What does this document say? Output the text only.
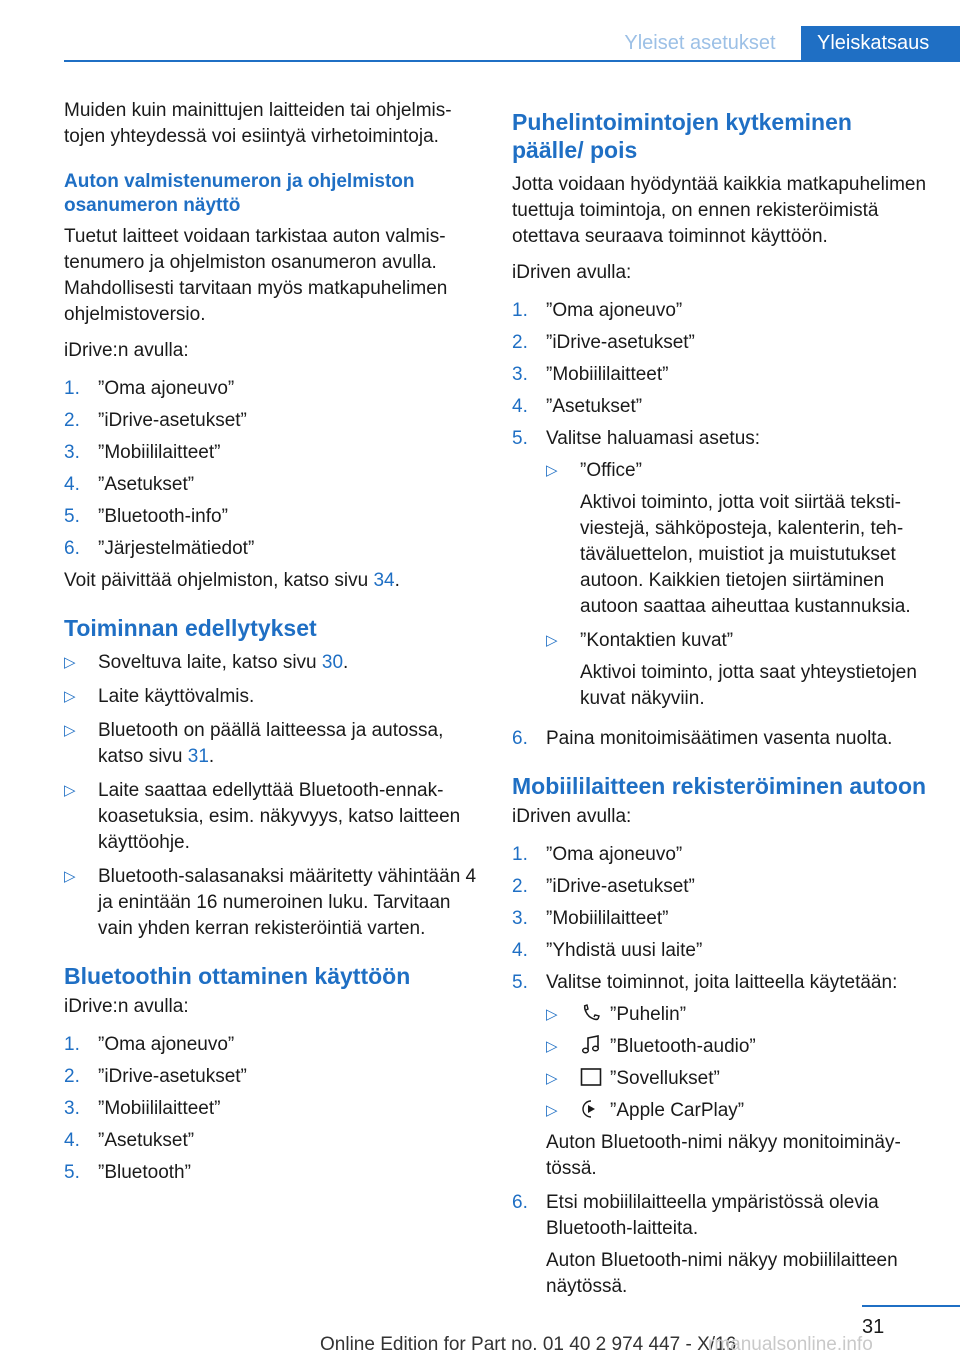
Yleiset asetukset	Yleiskatsaus

Muiden kuin mainittujen laitteiden tai ohjelmistojen yhteydessä voi esiintyä virhetoimintoja.

Auton valmistenumeron ja ohjelmiston osanumeron näyttö

Tuetut laitteet voidaan tarkistaa auton valmistenumero ja ohjelmiston osanumeron avulla. Mahdollisesti tarvitaan myös matkapuhelimen ohjelmistoversio.

iDrive:n avulla:

1. ”Oma ajoneuvo”
2. ”iDrive-asetukset”
3. ”Mobiililaitteet”
4. ”Asetukset”
5. ”Bluetooth-info”
6. ”Järjestelmätiedot”

Voit päivittää ohjelmiston, katso sivu 34.

Toiminnan edellytykset
▷	Soveltuva laite, katso sivu 30.
▷	Laite käyttövalmis.
▷	Bluetooth on päällä laitteessa ja autossa, katso sivu 31.
▷	Laite saattaa edellyttää Bluetooth-ennakkoasetuksia, esim. näkyvyys, katso laitteen käyttöohje.
▷	Bluetooth-salasanaksi määritetty vähintään 4 ja enintään 16 numeroinen luku. Tarvitaan vain yhden kerran rekisteröintiä varten.
Bluetoothin ottaminen käyttöön

iDrive:n avulla:

1. ”Oma ajoneuvo”
2. ”iDrive-asetukset”
3. ”Mobiililaitteet”
4. ”Asetukset”
5. ”Bluetooth”
Puhelintoimintojen kytkeminen päälle/ pois

Jotta voidaan hyödyntää kaikkia matkapuhelimen tuettuja toimintoja, on ennen rekisteröimistä otettava seuraava toiminnot käyttöön.

iDriven avulla:

1. ”Oma ajoneuvo”
2. ”iDrive-asetukset”
3. ”Mobiililaitteet”
4. ”Asetukset”
5. Valitse haluamasi asetus:
▷	”Office”
Aktivoi toiminto, jotta voit siirtää tekstiviestejä, sähköposteja, kalenterin, tehtäväluettelon, muistiot ja muistutukset autoon. Kaikkien tietojen siirtäminen autoon saattaa aiheuttaa kustannuksia.
▷	”Kontaktien kuvat”
Aktivoi toiminto, jotta saat yhteystietojen kuvat näkyviin.
6. Paina monitoimisäätimen vasenta nuolta.
Mobiililaitteen rekisteröiminen autoon

iDriven avulla:

1. ”Oma ajoneuvo”
2. ”iDrive-asetukset”
3. ”Mobiililaitteet”
4. ”Yhdistä uusi laite”
5. Valitse toiminnot, joita laitteella käytetään:
▷	”Puhelin”
▷	”Bluetooth-audio”
▷	”Sovellukset”
▷	”Apple CarPlay”
Auton Bluetooth-nimi näkyy monitoiminäytössä.
6. Etsi mobiililaitteella ympäristössä olevia Bluetooth-laitteita.
Auton Bluetooth-nimi näkyy mobiililaitteen näytössä.
31
Online Edition for Part no. 01 40 2 974 447 - X/16
rmanualsonline.info
